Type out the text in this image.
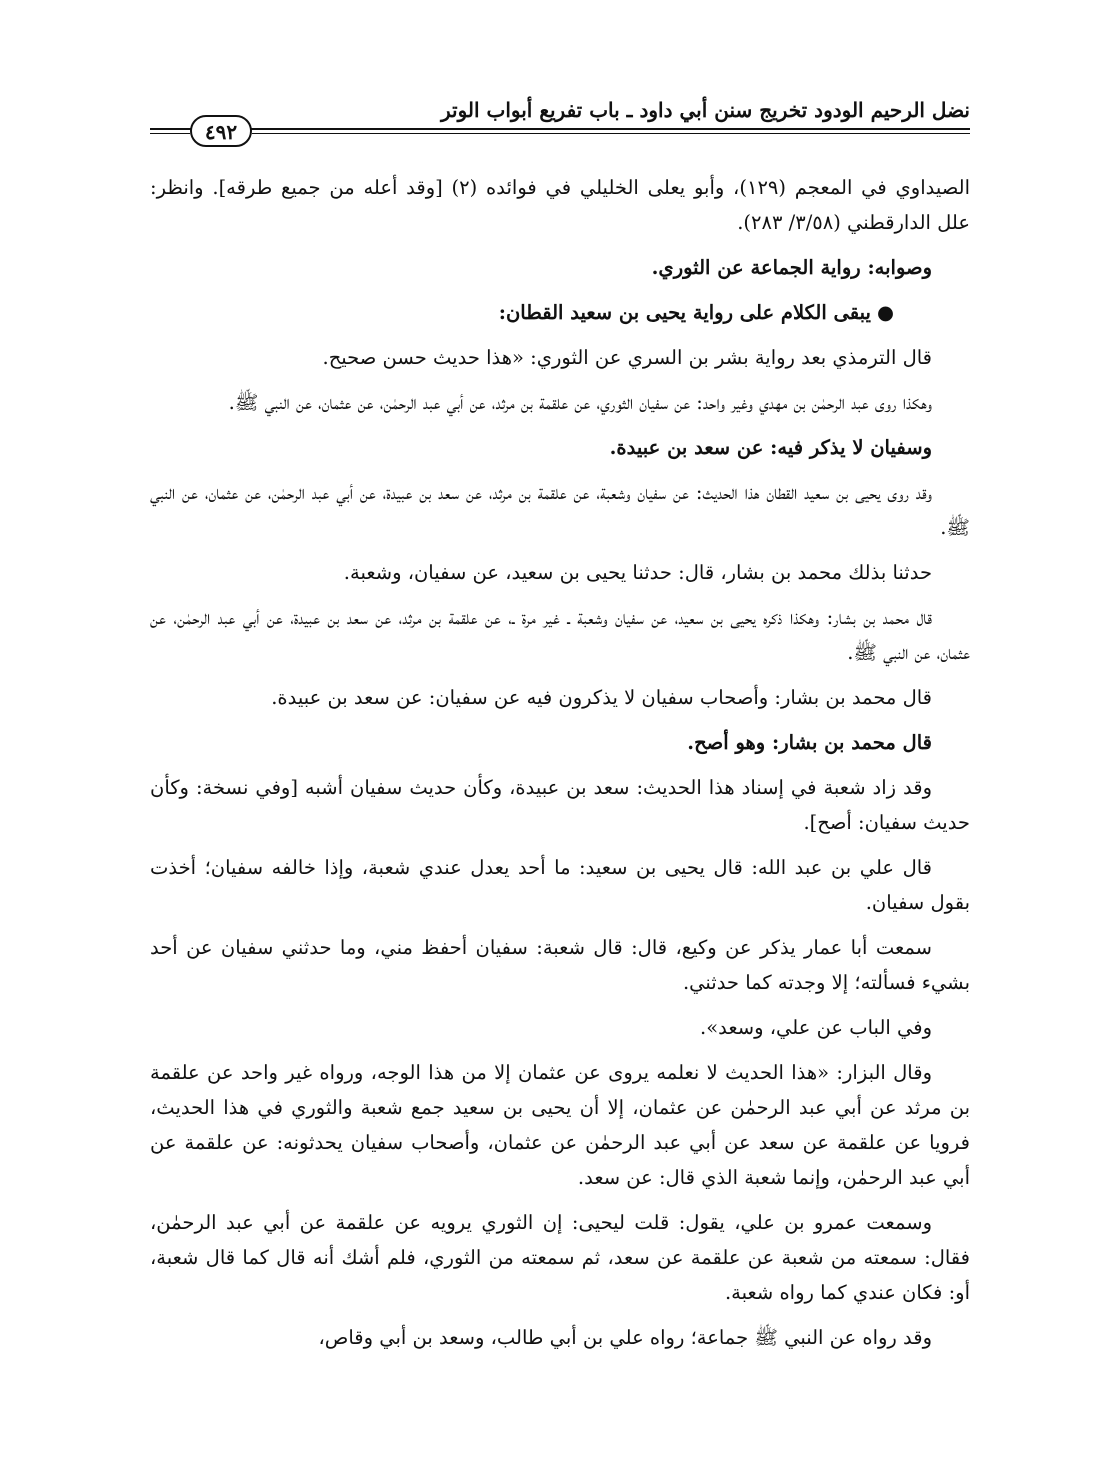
نضل الرحيم الودود تخريج سنن أبي داود ـ باب تفريع أبواب الوتر
٤٩٢

الصيداوي في المعجم (١٢٩)، وأبو يعلى الخليلي في فوائده (٢) [وقد أعله من جميع طرقه]. وانظر: علل الدارقطني (٣/٥٨/ ٢٨٣).

وصوابه: رواية الجماعة عن الثوري.

●يبقى الكلام على رواية يحيى بن سعيد القطان:

قال الترمذي بعد رواية بشر بن السري عن الثوري: «هذا حديث حسن صحيح.

وهكذا روى عبد الرحمٰن بن مهدي وغير واحد: عن سفيان الثوري، عن علقمة بن مرثد، عن أبي عبد الرحمٰن، عن عثمان، عن النبي ﷺ.

وسفيان لا يذكر فيه: عن سعد بن عبيدة.

وقد روى يحيى بن سعيد القطان هذا الحديث: عن سفيان وشعبة، عن علقمة بن مرثد، عن سعد بن عبيدة، عن أبي عبد الرحمٰن، عن عثمان، عن النبي ﷺ.

حدثنا بذلك محمد بن بشار، قال: حدثنا يحيى بن سعيد، عن سفيان، وشعبة.

قال محمد بن بشار: وهكذا ذكره يحيى بن سعيد، عن سفيان وشعبة ـ غير مرة ـ، عن علقمة بن مرثد، عن سعد بن عبيدة، عن أبي عبد الرحمٰن، عن عثمان، عن النبي ﷺ.

قال محمد بن بشار: وأصحاب سفيان لا يذكرون فيه عن سفيان: عن سعد بن عبيدة.

قال محمد بن بشار: وهو أصح.

وقد زاد شعبة في إسناد هذا الحديث: سعد بن عبيدة، وكأن حديث سفيان أشبه [وفي نسخة: وكأن حديث سفيان: أصح].

قال علي بن عبد الله: قال يحيى بن سعيد: ما أحد يعدل عندي شعبة، وإذا خالفه سفيان؛ أخذت بقول سفيان.

سمعت أبا عمار يذكر عن وكيع، قال: قال شعبة: سفيان أحفظ مني، وما حدثني سفيان عن أحد بشيء فسألته؛ إلا وجدته كما حدثني.

وفي الباب عن علي، وسعد».

وقال البزار: «هذا الحديث لا نعلمه يروى عن عثمان إلا من هذا الوجه، ورواه غير واحد عن علقمة بن مرثد عن أبي عبد الرحمٰن عن عثمان، إلا أن يحيى بن سعيد جمع شعبة والثوري في هذا الحديث، فرويا عن علقمة عن سعد عن أبي عبد الرحمٰن عن عثمان، وأصحاب سفيان يحدثونه: عن علقمة عن أبي عبد الرحمٰن، وإنما شعبة الذي قال: عن سعد.

وسمعت عمرو بن علي، يقول: قلت ليحيى: إن الثوري يرويه عن علقمة عن أبي عبد الرحمٰن، فقال: سمعته من شعبة عن علقمة عن سعد، ثم سمعته من الثوري، فلم أشك أنه قال كما قال شعبة، أو: فكان عندي كما رواه شعبة.

وقد رواه عن النبي ﷺ جماعة؛ رواه علي بن أبي طالب، وسعد بن أبي وقاص،
